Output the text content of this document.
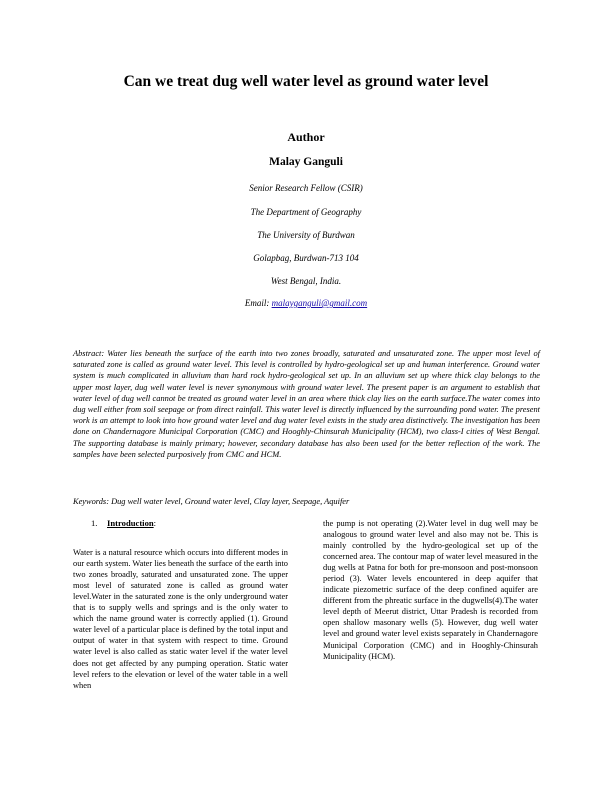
Can we treat dug well water level as ground water level
Author
Malay Ganguli
Senior Research Fellow (CSIR)
The Department of Geography
The University of Burdwan
Golapbag, Burdwan-713 104
West Bengal, India.
Email: malayganguli@gmail.com
Abstract: Water lies beneath the surface of the earth into two zones broadly, saturated and unsaturated zone. The upper most level of saturated zone is called as ground water level. This level is controlled by hydro-geological set up and human interference. Ground water system is much complicated in alluvium than hard rock hydro-geological set up. In an alluvium set up where thick clay belongs to the upper most layer, dug well water level is never synonymous with ground water level. The present paper is an argument to establish that water level of dug well cannot be treated as ground water level in an area where thick clay lies on the earth surface.The water comes into dug well either from soil seepage or from direct rainfall. This water level is directly influenced by the surrounding pond water. The present work is an attempt to look into how ground water level and dug water level exists in the study area distinctively. The investigation has been done on Chandernagore Municipal Corporation (CMC) and Hooghly-Chinsurah Municipality (HCM), two class-I cities of West Bengal. The supporting database is mainly primary; however, secondary database has also been used for the better reflection of the work. The samples have been selected purposively from CMC and HCM.
Keywords: Dug well water level, Ground water level, Clay layer, Seepage, Aquifer
1. Introduction:

Water is a natural resource which occurs into different modes in our earth system. Water lies beneath the surface of the earth into two zones broadly, saturated and unsaturated zone. The upper most level of saturated zone is called as ground water level.Water in the saturated zone is the only underground water that is to supply wells and springs and is the only water to which the name ground water is correctly applied (1). Ground water level of a particular place is defined by the total input and output of water in that system with respect to time. Ground water level is also called as static water level if the water level does not get affected by any pumping operation. Static water level refers to the elevation or level of the water table in a well when

the pump is not operating (2).Water level in dug well may be analogous to ground water level and also may not be. This is mainly controlled by the hydro-geological set up of the concerned area. The contour map of water level measured in the dug wells at Patna for both for pre-monsoon and post-monsoon period (3). Water levels encountered in deep aquifer that indicate piezometric surface of the deep confined aquifer are different from the phreatic surface in the dugwells(4).The water level depth of Meerut district, Uttar Pradesh is recorded from open shallow masonary wells (5). However, dug well water level and ground water level exists separately in Chandernagore Municipal Corporation (CMC) and in Hooghly-Chinsurah Municipality (HCM).
